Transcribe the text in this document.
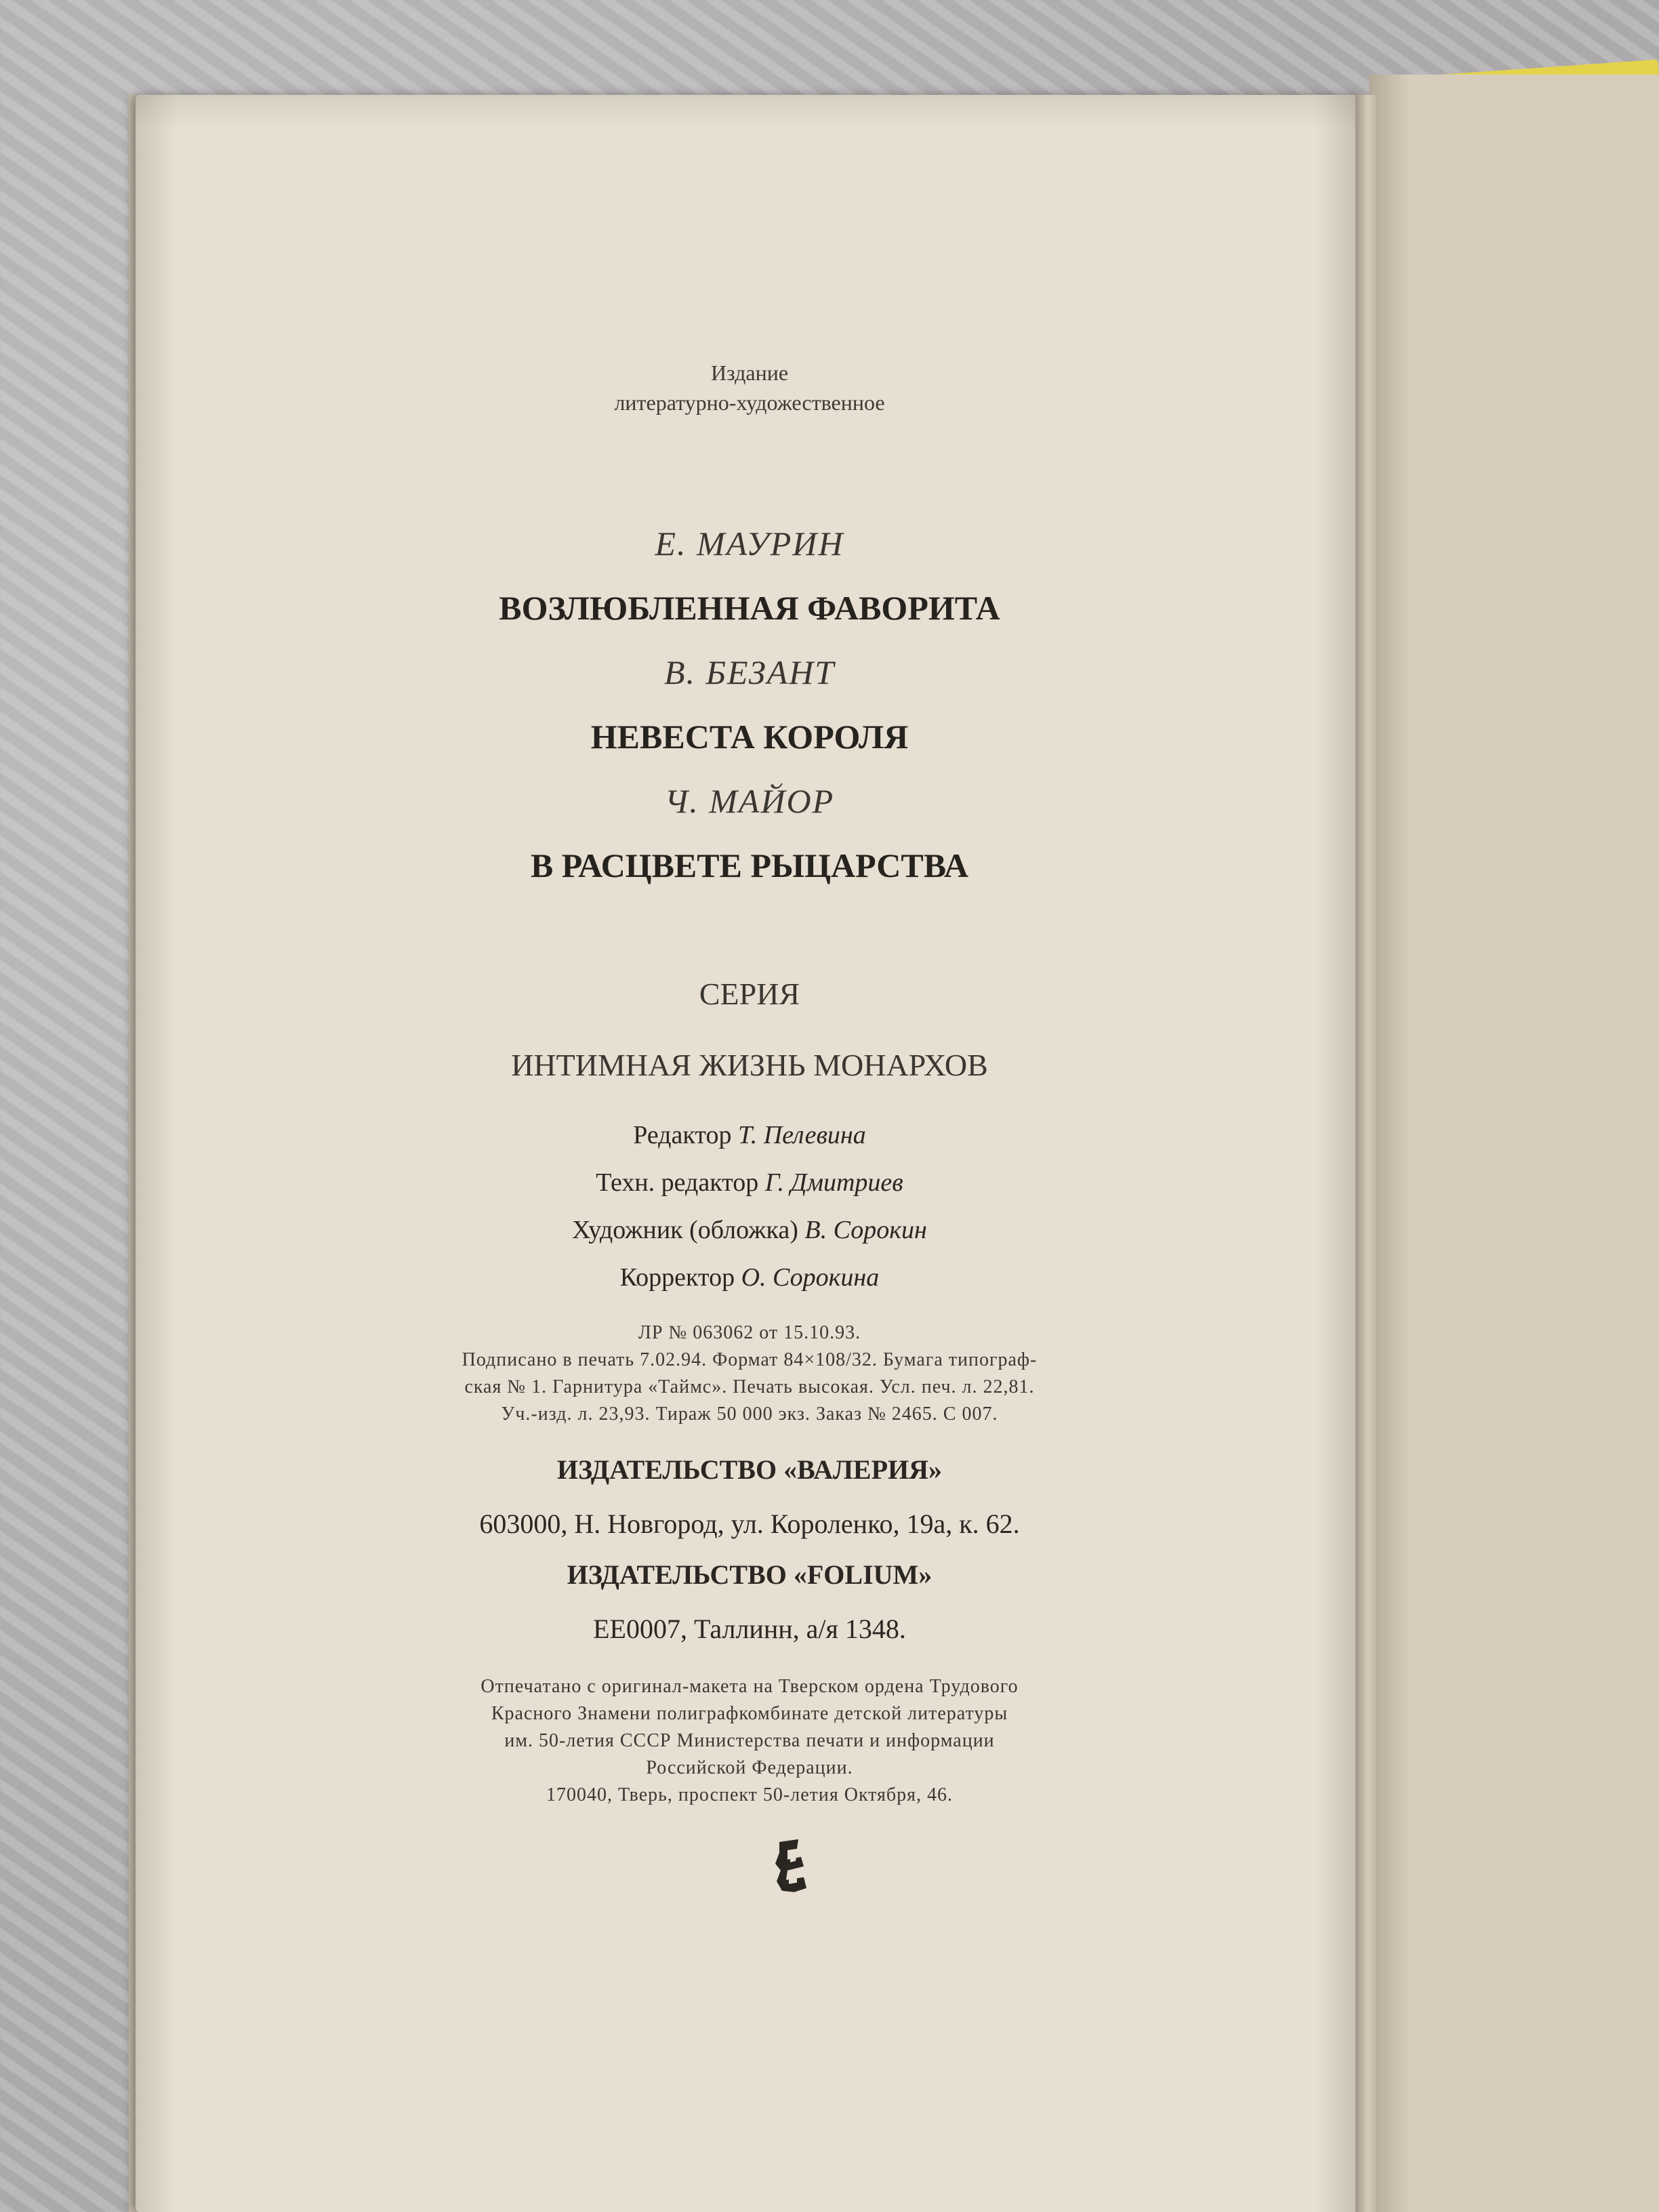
Издание
литературно-художественное
Е. МАУРИН
ВОЗЛЮБЛЕННАЯ ФАВОРИТА
В. БЕЗАНТ
НЕВЕСТА КОРОЛЯ
Ч. МАЙОР
В РАСЦВЕТЕ РЫЦАРСТВА
СЕРИЯ
ИНТИМНАЯ ЖИЗНЬ МОНАРХОВ
Редактор Т. Пелевина
Техн. редактор Г. Дмитриев
Художник (обложка) В. Сорокин
Корректор О. Сорокина
ЛР № 063062 от 15.10.93.
Подписано в печать 7.02.94. Формат 84×108/32. Бумага типограф-
ская № 1. Гарнитура «Таймс». Печать высокая. Усл. печ. л. 22,81.
Уч.-изд. л. 23,93. Тираж 50 000 экз. Заказ № 2465. С 007.
ИЗДАТЕЛЬСТВО «ВАЛЕРИЯ»
603000, Н. Новгород, ул. Короленко, 19а, к. 62.
ИЗДАТЕЛЬСТВО «FOLIUM»
ЕЕ0007, Таллинн, а/я 1348.
Отпечатано с оригинал-макета на Тверском ордена Трудового
Красного Знамени полиграфкомбинате детской литературы
им. 50-летия СССР Министерства печати и информации
Российской Федерации.
170040, Тверь, проспект 50-летия Октября, 46.
